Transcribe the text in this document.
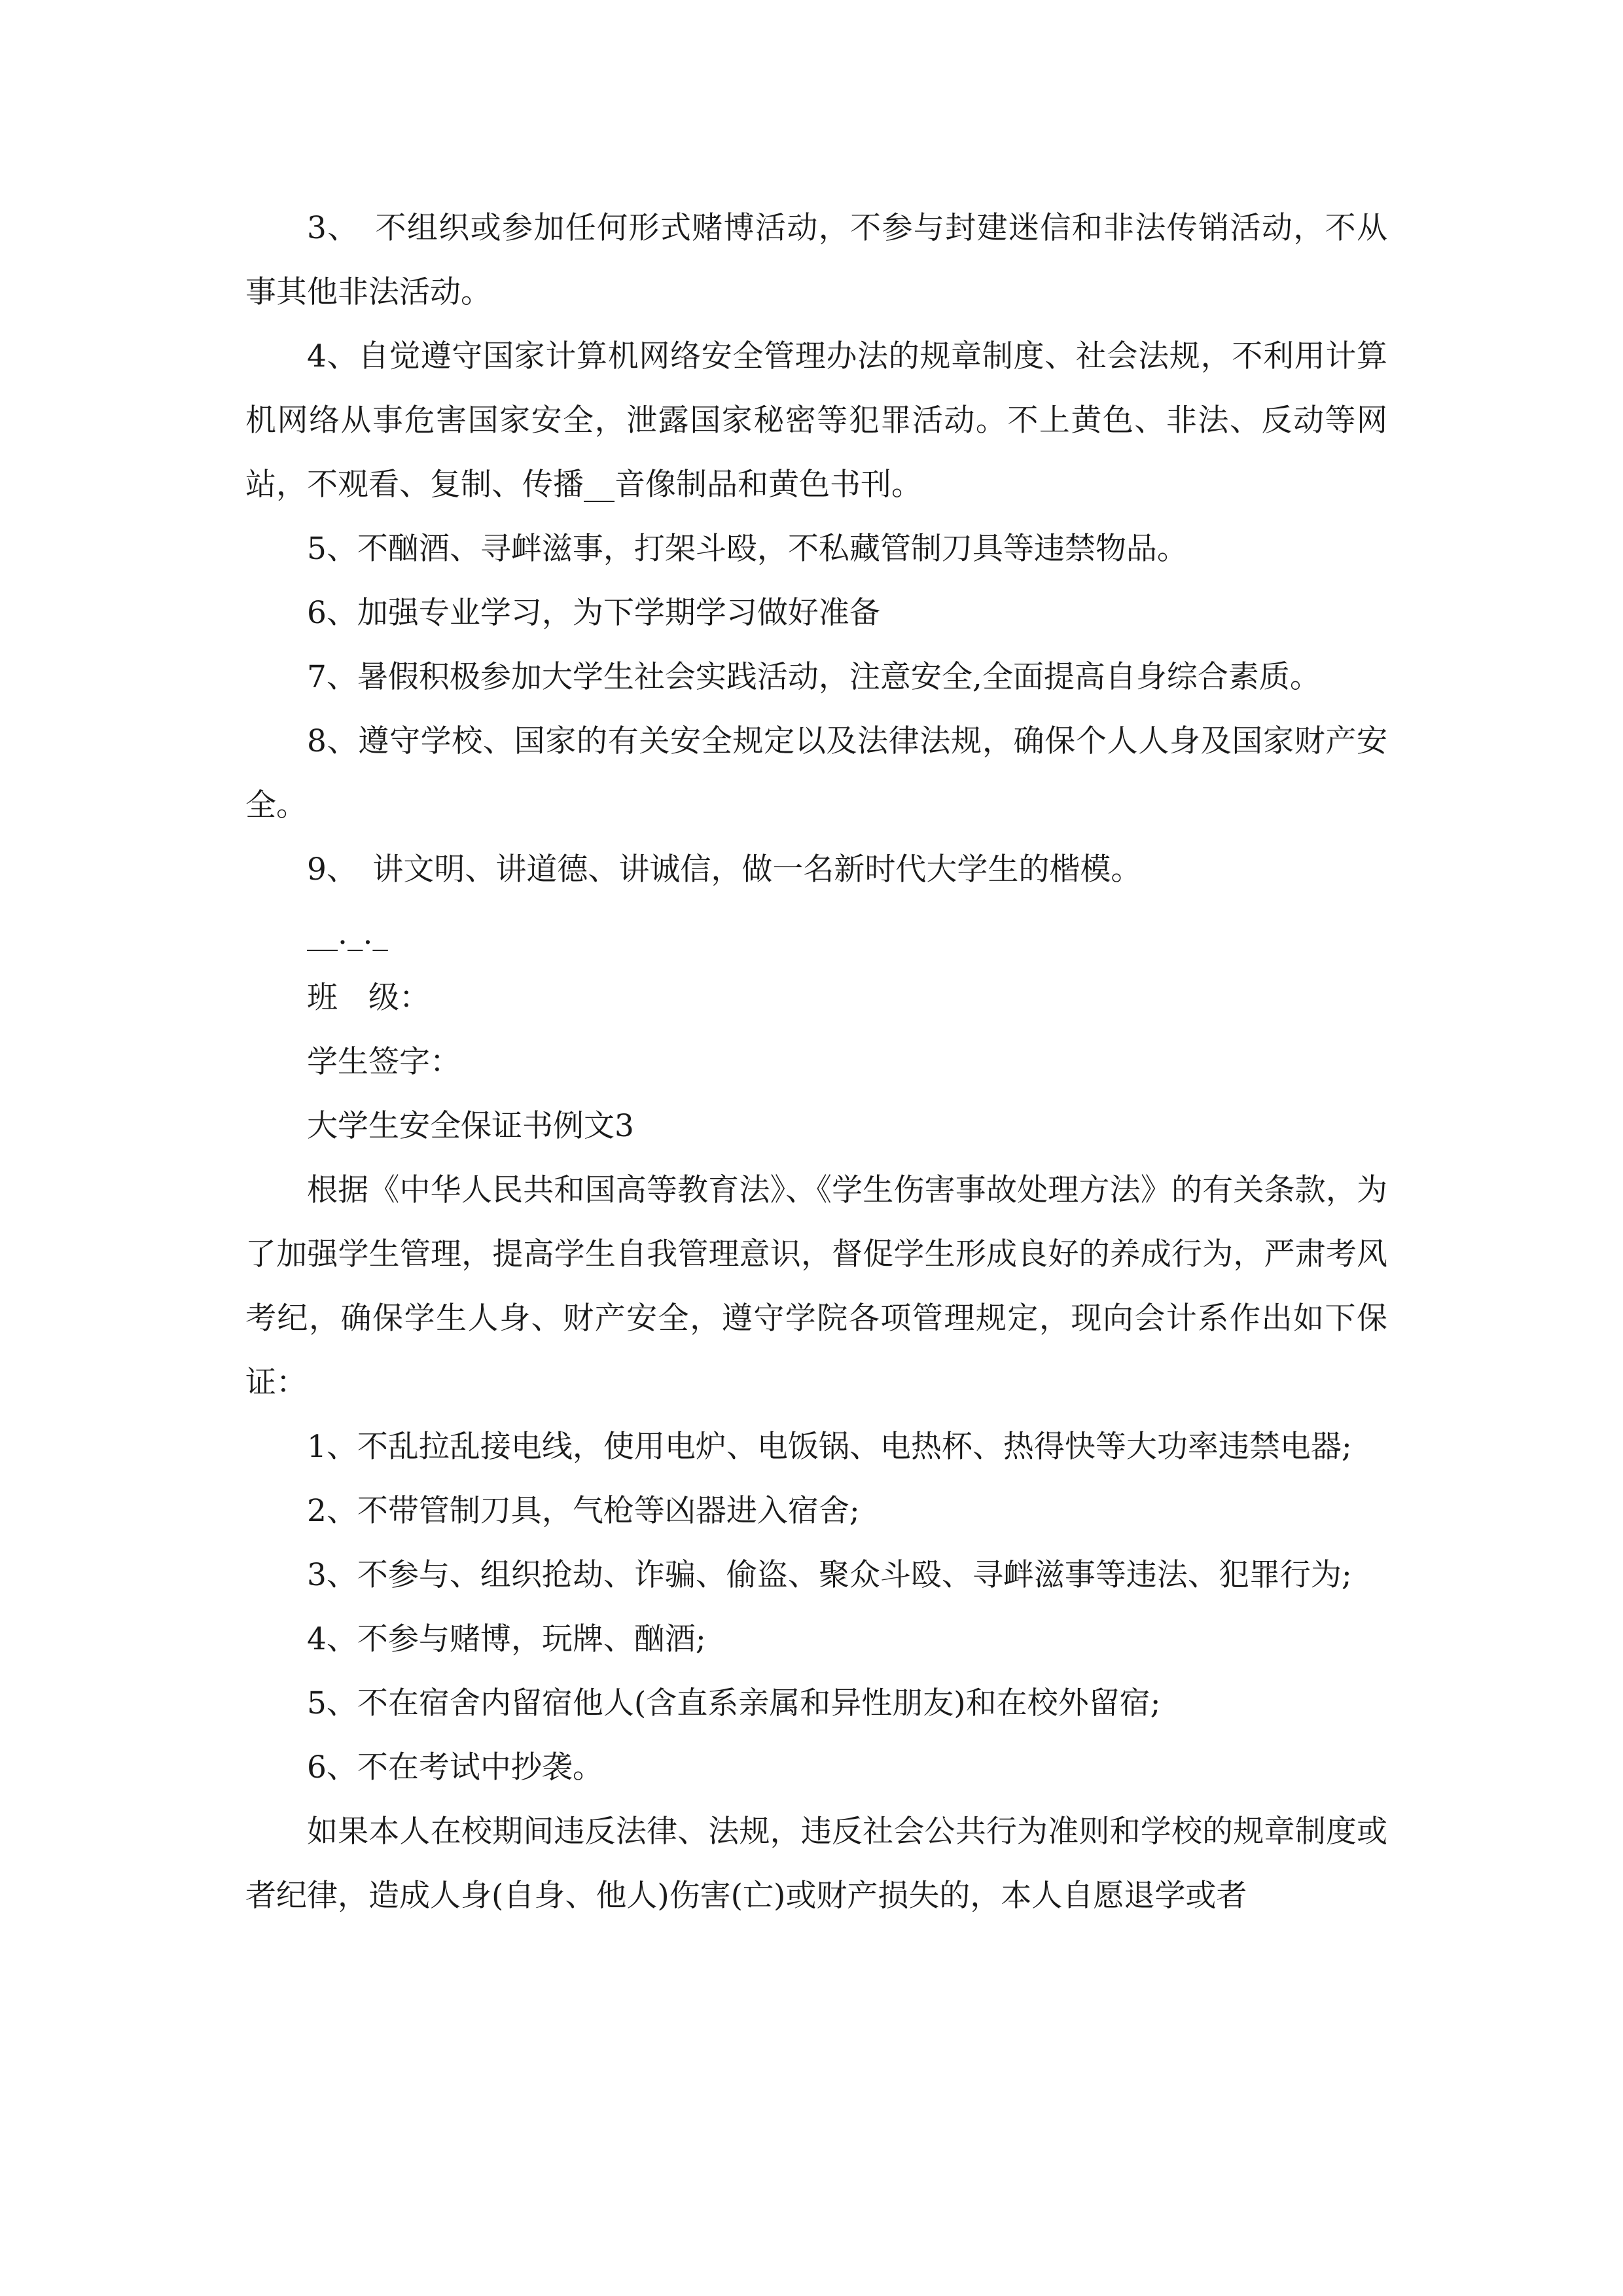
3、　不组织或参加任何形式赌博活动，不参与封建迷信和非法传销活动，不从事其他非法活动。

4、自觉遵守国家计算机网络安全管理办法的规章制度、社会法规，不利用计算机网络从事危害国家安全，泄露国家秘密等犯罪活动。不上黄色、非法、反动等网站，不观看、复制、传播__音像制品和黄色书刊。

5、不酗酒、寻衅滋事，打架斗殴，不私藏管制刀具等违禁物品。

6、加强专业学习，为下学期学习做好准备

7、暑假积极参加大学生社会实践活动，注意安全,全面提高自身综合素质。

8、遵守学校、国家的有关安全规定以及法律法规，确保个人人身及国家财产安全。

9、　讲文明、讲道德、讲诚信，做一名新时代大学生的楷模。

__._._

班　级：

学生签字：

大学生安全保证书例文3

根据《中华人民共和国高等教育法》、《学生伤害事故处理方法》的有关条款，为了加强学生管理，提高学生自我管理意识，督促学生形成良好的养成行为，严肃考风考纪，确保学生人身、财产安全，遵守学院各项管理规定，现向会计系作出如下保证：

1、不乱拉乱接电线，使用电炉、电饭锅、电热杯、热得快等大功率违禁电器;

2、不带管制刀具，气枪等凶器进入宿舍;

3、不参与、组织抢劫、诈骗、偷盗、聚众斗殴、寻衅滋事等违法、犯罪行为;

4、不参与赌博，玩牌、酗酒;

5、不在宿舍内留宿他人(含直系亲属和异性朋友)和在校外留宿;

6、不在考试中抄袭。

如果本人在校期间违反法律、法规，违反社会公共行为准则和学校的规章制度或者纪律，造成人身(自身、他人)伤害(亡)或财产损失的，本人自愿退学或者
